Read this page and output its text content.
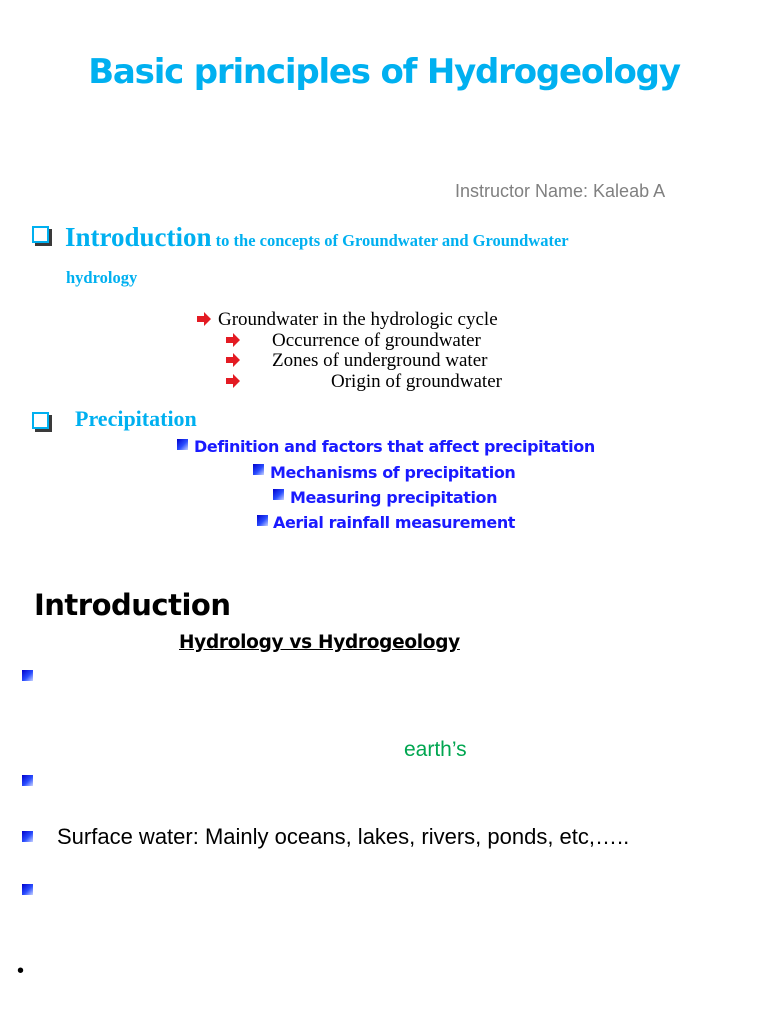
Basic principles of Hydrogeology
Instructor Name: Kaleab A
Introduction to the concepts of Groundwater and Groundwater
hydrology
Groundwater in the hydrologic cycle
Occurrence of groundwater
Zones of underground water
Origin of groundwater
Precipitation
Definition and factors that affect precipitation
Mechanisms of precipitation
Measuring precipitation
Aerial rainfall measurement
Introduction
Hydrology vs Hydrogeology
earth’s
Surface water: Mainly oceans, lakes, rivers, ponds, etc,…..
•
